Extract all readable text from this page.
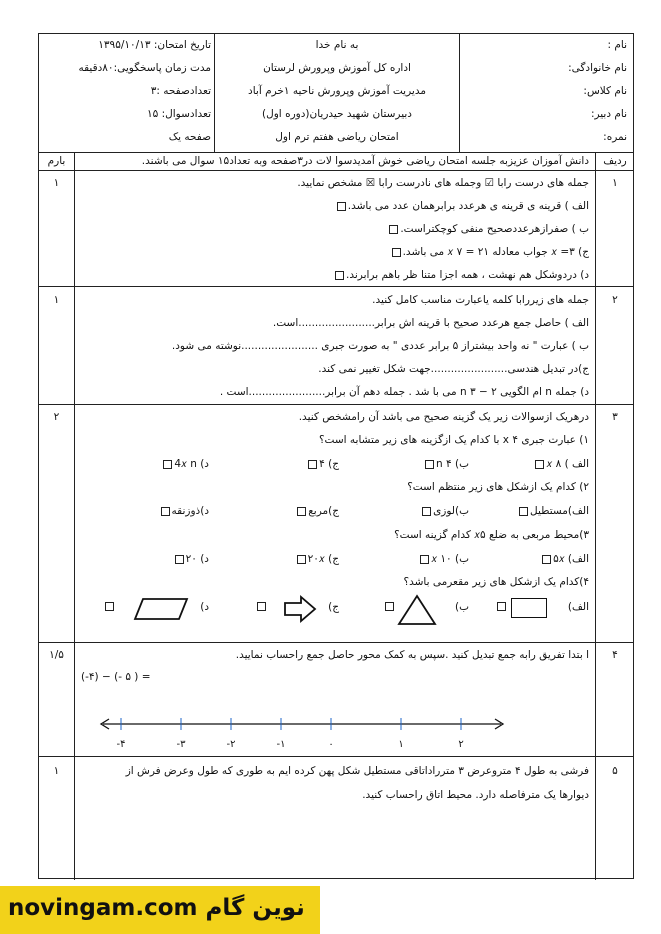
نام :
نام خانوادگی:
نام کلاس:
نام دبیر:
نمره:
به نام خدا
اداره کل آموزش وپرورش لرستان
مدیریت آموزش وپرورش ناحیه ۱خرم آباد
دبیرستان شهید حیدریان(دوره اول)
امتحان ریاضی هفتم ترم اول
تاریخ امتحان: ۱۳۹۵/۱۰/۱۳
مدت زمان پاسخگویی:۸۰دقیقه
تعدادصفحه :۳
تعدادسوال: ۱۵
صفحه یک
ردیف
دانش آموزان عزیزبه جلسه امتحان ریاضی خوش آمدیدسوا لات در۳صفحه وبه تعداد۱۵ سوال می باشند.
بارم
۱
۱	جمله های درست رابا ☑ وجمله های نادرست رابا ☒ مشخص نمایید.
الف ) قرینه ی قرینه ی هرعدد برابرهمان عدد می باشد.
ب ) صفرازهرعددصحیح منفی کوچکتراست.
ج) ۳= 𝑥 جواب معادله ۲۱ = 𝑥 ۷ می باشد.
د) دردوشکل هم نهشت ، همه اجزا متنا ظر باهم برابرند.
۲
۱	جمله های زیررابا کلمه یاعبارت مناسب کامل کنید.
الف ) حاصل جمع هرعدد صحیح با قرینه اش برابر.......................است.
ب ) عبارت " نه واحد بیشتراز ۵ برابر عددی " به صورت جبری .......................نوشته می شود.
ج)در تبدیل هندسی.......................جهت شکل تغییر نمی کند.
د) جمله n ام الگویی ۲ − n ۳ می با شد . جمله دهم آن برابر.......................است .
۳
۲	درهریک ازسوالات زیر یک گزینه صحیح می باشد آن رامشخص کنید.
۱) عبارت جبری x ۴ با کدام یک ازگزینه های زیر متشابه است؟
الف ) 𝑥 ۸
ب) n ۴
ج) ۴
د) 4𝑥 n
۲) کدام یک ازشکل های زیر منتظم است؟
الف)مستطیل
ب)لوزی
ج)مربع
د)ذوزنقه
۳)محیط مربعی به ضلع 𝑥۵ کدام گزینه است؟
الف) ۵𝑥
ب) 𝑥 ۱۰
ج) ۲۰𝑥
د) ۲۰
۴)کدام یک ازشکل های زیر مقعرمی باشد؟
الف)
ب)
ج)
د)
۴
۱/۵	ا بتدا تفریق رابه جمع تبدیل کنید .سپس به کمک محور حاصل جمع راحساب نمایید.
(-۴) − (- ۵ ) =
-۴	-۳	-۲	-۱	۰	۱	۲
۵
۱	فرشی به طول ۴ متروعرض ۳ مترراداتاقی مستطیل شکل پهن کرده ایم به طوری که طول وعرض فرش از
دیوارها یک مترفاصله دارد. محیط اتاق راحساب کنید.
novingam.com نوین گام
